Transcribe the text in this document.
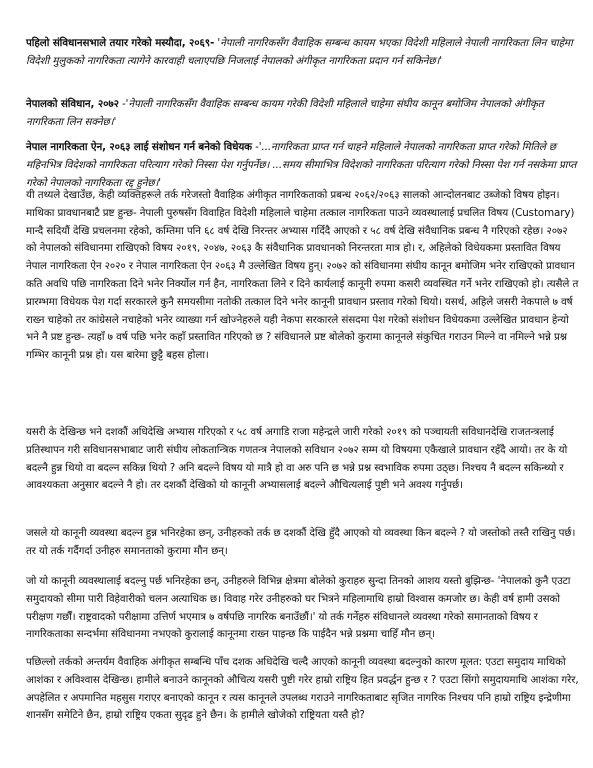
पहिलो संविधानसभाले तयार गरेको मस्यौदा, २०६९- 'नेपाली नागरिकसँग वैवाहिक सम्बन्ध कायम भएका विदेशी महिलाले नेपाली नागरिकता लिन चाहेमा विदेशी मुलुकको नागरिकता त्यागेने कारवाही चलाएपछि निजलाई नेपालको अंगीकृत नागरिकता प्रदान गर्न सकिनेछ।'

नेपालको संविधान, २०७२ -'नेपाली नागरिकसँग वैवाहिक सम्बन्ध कायम गरेकी विदेशी महिलाले चाहेमा संघीय कानून बमोजिम नेपालको अंगीकृत नागरिकता लिन सक्नेछ।'

नेपाल नागरिकता ऐन, २०६३ लाई संशोधन गर्न बनेको विधेयक -'...नागरिकता प्राप्त गर्न चाहने महिलाले नेपालको नागरिकता प्राप्त गरेको मितिले छ महिनभित्र विदेशको नागरिकता परित्याग गरेको निस्सा पेश गर्नुपर्नेछ। ...समय सीमाभित्र विदेशको नागरिकता परित्याग गरेको निस्सा पेश गर्न नसकेमा प्राप्त गरेको नेपालको नागरिकता रद्द हुनेछ।'

यी तथ्यले देखाउँछ, केही व्यक्तिहरूले तर्क गरेजस्तो वैवाहिक अंगीकृत नागरिकताको प्रबन्ध २०६२/२०६३ सालको आन्दोलनबाट उब्जेको विषय होइन। माथिका प्रावधानबाटै प्रष्ट हुन्छ- नेपाली पुरुषसँग विवाहित विदेशी महिलाले चाहेमा तत्काल नागरिकता पाउने व्यवस्थालाई प्रचलित विषय (Customary) मान्दै सदियौं देखि प्रचलनमा रहेको, कम्तिमा पनि ६८ वर्ष देखि निरन्तर अभ्यास गर्दिदै आएको र ५८ वर्ष देखि संवैधानिक प्रबन्ध नै गरिएको रहेछ। २०७२ को नेपालको संविधानमा राखिएको विषय २०१९, २०४७, २०६३ कै संवैधानिक प्रावधानको निरन्तरता मात्र हो। र, अहिलेको विधेयकमा प्रस्तावित विषय नेपाल नागरिकता ऐन २०२० र नेपाल नागरिकता ऐन २०६३ मै उल्लेखित विषय हुन्। २०७२ को संविधानमा संघीय कानून बमोजिम भनेर राखिएको प्रावधान कति अवधि पछि नागरिकता दिने भनेर निर्क्योल गर्न हैन, नागरिकता लिने र दिने कार्यलाई कानूनी रुपमा कसरी व्यवस्थित गर्ने भनेर राखिएको हो। त्यसैले त प्रारम्भमा विधेयक पेश गर्दा सरकारले कुनै समयसीमा नतोकी तत्काल दिने भनेर कानूनी प्रावधान प्रस्ताव गरेको थियो। यसर्थ, अहिले जसरी नेकपाले ७ वर्ष राख्न चाहेको तर कांग्रेसले नचाहेको भनेर व्याख्या गर्न खोज्नेहरुले यही नेकपा सरकारले संसदमा पेश गरेको संशोधन विधेयकमा उल्लेखित प्रावधान हेन्यो भने नै प्रष्ट हुन्छ- त्यहाँ ७ वर्ष पछि भनेर कहाँ प्रस्तावित गरिएको छ ? संविधानले प्रष्ट बोलेको कुरामा कानूनले संकुचित गराउन मिल्ने वा नमिल्ने भन्ने प्रश्न गम्भिर कानूनी प्रश्न हो। यस बारेमा छुट्टै बहस होला।

यसरी के देखिन्छ भने दशकौं अधिदेखि अभ्यास गरिएको र ५८ वर्ष अगाडि राजा महेन्द्रले जारी गरेको २०१९ को पञ्चायती सविधानदेखि राजतन्त्रलाई प्रतिस्थापन गरी सविधानसभाबाट जारी संघीय लोकतान्त्रिक गणतन्त्र नेपालको सविधान २०७२ सम्म यो विषयमा एकैखाले प्रावधान रहँदै आयो। तर के यो बदल्नै हुन्न थियो वा बदल्न सकिन्न थियो ? अनि बदल्ने विषय यो मात्रै हो वा अरु पनि छ भन्ने प्रश्न स्वभाविक रुपमा उठ्छ। निश्चय नै बदल्न सकिन्थ्यो र आवश्यकता अनुसार बदल्ने नै हो। तर दशकौं देखिको यो कानूनी अभ्यासलाई बदल्ने औचित्यलाई पुष्टी भने अवश्य गर्नुपर्छ।

जसले यो कानूनी व्यवस्था बदल्न हुन्न भनिरहेका छन्, उनीहरुको तर्क छ दशकौं देखि हुँदै आएको यो व्यवस्था किन बदल्ने ? यो जस्तोको तस्तै राखिनु पर्छ। तर यो तर्क गर्दैगर्दा उनीहरु समानताको कुरामा मौन छन्।

जो यो कानूनी व्यवस्थालाई बदल्नु पर्छ भनिरहेका छन्, उनीहरुले विभिन्न क्षेत्रमा बोलेको कुराहरु सुन्दा तिनको आशय यस्तो बुझिन्छ- 'नेपालको कुनै एउटा समुदायको सीमा पारी विहेवारीको चलन अत्याधिक छ। विवाह गरेर उनीहरुको घर भित्रने महिलामाथि हाम्रो विश्वास कमजोर छ। केही वर्ष हामी उसको परीक्षण गर्छौं। राष्ट्रवादको परीक्षामा उत्तिर्ण भएमात्र ७ वर्षपछि नागरिक बनाउँछौं।' यो तर्क गर्नेहरु संविधानले व्यवस्था गरेको समानताको विषय र नागरिकताका सन्दर्भमा संविधानमा नभएको कुरालाई कानूनमा राख्न पाइन्छ कि पाईदैन भन्ने प्रश्नमा चाहिँ मौन छन्।

पछिल्लो तर्कको अन्तर्यम वैवाहिक अंगीकृत सम्बन्धि पाँच दशक अधिदेखि चल्दै आएको कानूनी व्यवस्था बदल्नुको कारण मूलत: एउटा समुदाय माथिको आशंका र अविश्वास देखिन्छ। हामीले बनाउने कानूनको औचित्य यसरी पुष्टी गरेर हाम्रो राष्ट्रिय हित प्रवर्द्धन हुन्छ र ? एउटा सिंगो समुदायमाथि आशंका गरेर, अपहेलित र अपमानित महसुस गराएर बनाएको कानून र त्यस कानूनले उपलब्ध गराउने नागरिकताबाट सृजित नागरिक निश्चय पनि हाम्रो राष्ट्रिय इन्द्रेणीमा शानसँग समेटिने छैन, हाम्रो राष्ट्रिय एकता सुदृढ हुने छैन। के हामीले खोजेको राष्ट्रियता यस्तै हो?
